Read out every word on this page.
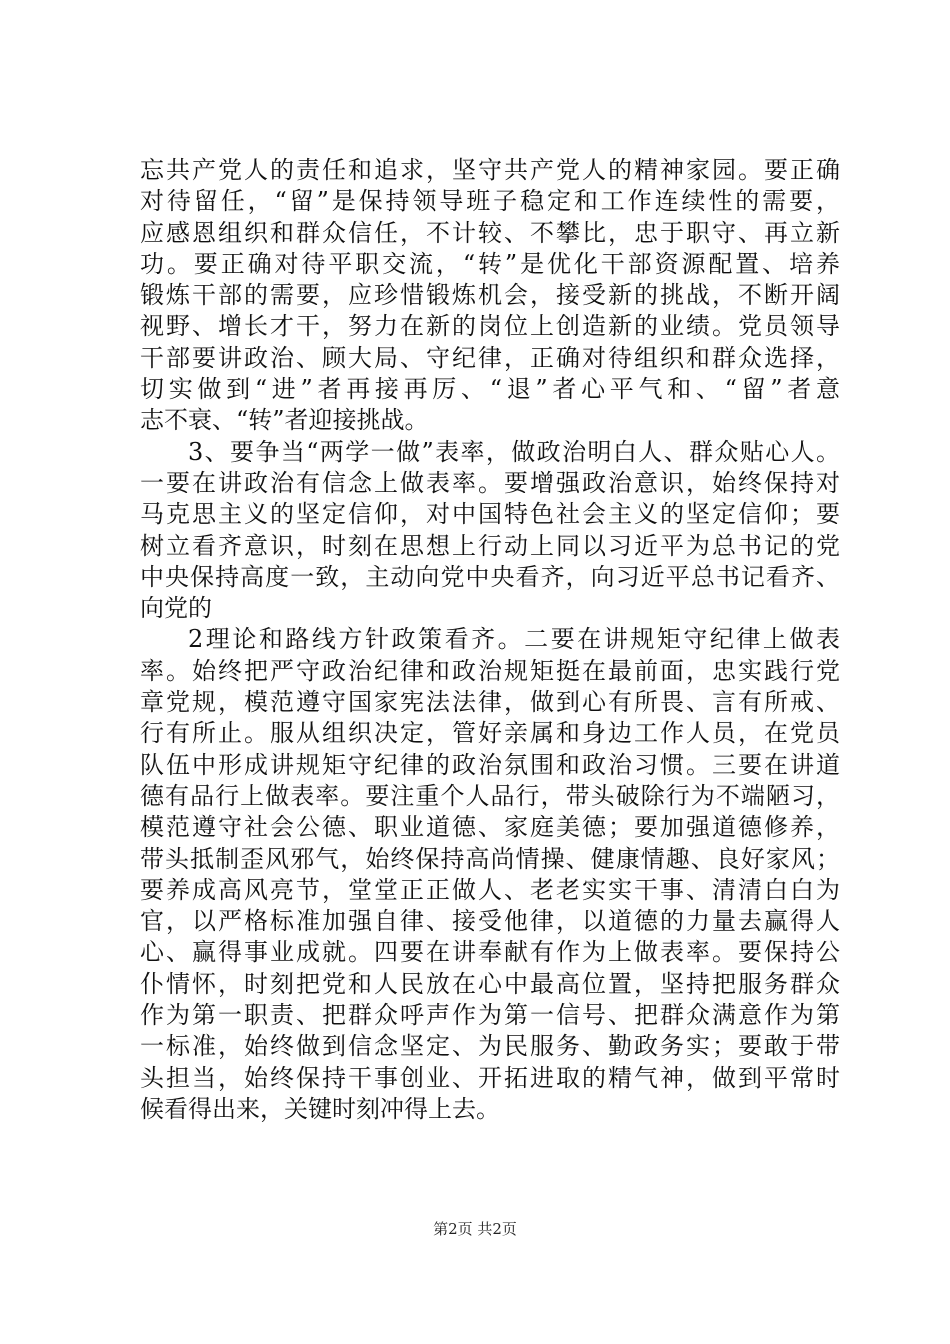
忘共产党人的责任和追求，坚守共产党人的精神家园。要正确
对待留任，“留”是保持领导班子稳定和工作连续性的需要，
应感恩组织和群众信任，不计较、不攀比，忠于职守、再立新
功。要正确对待平职交流，“转”是优化干部资源配置、培养
锻炼干部的需要，应珍惜锻炼机会，接受新的挑战，不断开阔
视野、增长才干，努力在新的岗位上创造新的业绩。党员领导
干部要讲政治、顾大局、守纪律，正确对待组织和群众选择，
切实做到“进”者再接再厉、“退”者心平气和、“留”者意
志不衰、“转”者迎接挑战。
3、要争当“两学一做”表率，做政治明白人、群众贴心人。
一要在讲政治有信念上做表率。要增强政治意识，始终保持对
马克思主义的坚定信仰，对中国特色社会主义的坚定信仰；要
树立看齐意识，时刻在思想上行动上同以习近平为总书记的党
中央保持高度一致，主动向党中央看齐，向习近平总书记看齐、
向党的
2理论和路线方针政策看齐。二要在讲规矩守纪律上做表
率。始终把严守政治纪律和政治规矩挺在最前面，忠实践行党
章党规，模范遵守国家宪法法律，做到心有所畏、言有所戒、
行有所止。服从组织决定，管好亲属和身边工作人员，在党员
队伍中形成讲规矩守纪律的政治氛围和政治习惯。三要在讲道
德有品行上做表率。要注重个人品行，带头破除行为不端陋习，
模范遵守社会公德、职业道德、家庭美德；要加强道德修养，
带头抵制歪风邪气，始终保持高尚情操、健康情趣、良好家风；
要养成高风亮节，堂堂正正做人、老老实实干事、清清白白为
官，以严格标准加强自律、接受他律，以道德的力量去赢得人
心、赢得事业成就。四要在讲奉献有作为上做表率。要保持公
仆情怀，时刻把党和人民放在心中最高位置，坚持把服务群众
作为第一职责、把群众呼声作为第一信号、把群众满意作为第
一标准，始终做到信念坚定、为民服务、勤政务实；要敢于带
头担当，始终保持干事创业、开拓进取的精气神，做到平常时
候看得出来，关键时刻冲得上去。
第2页 共2页
